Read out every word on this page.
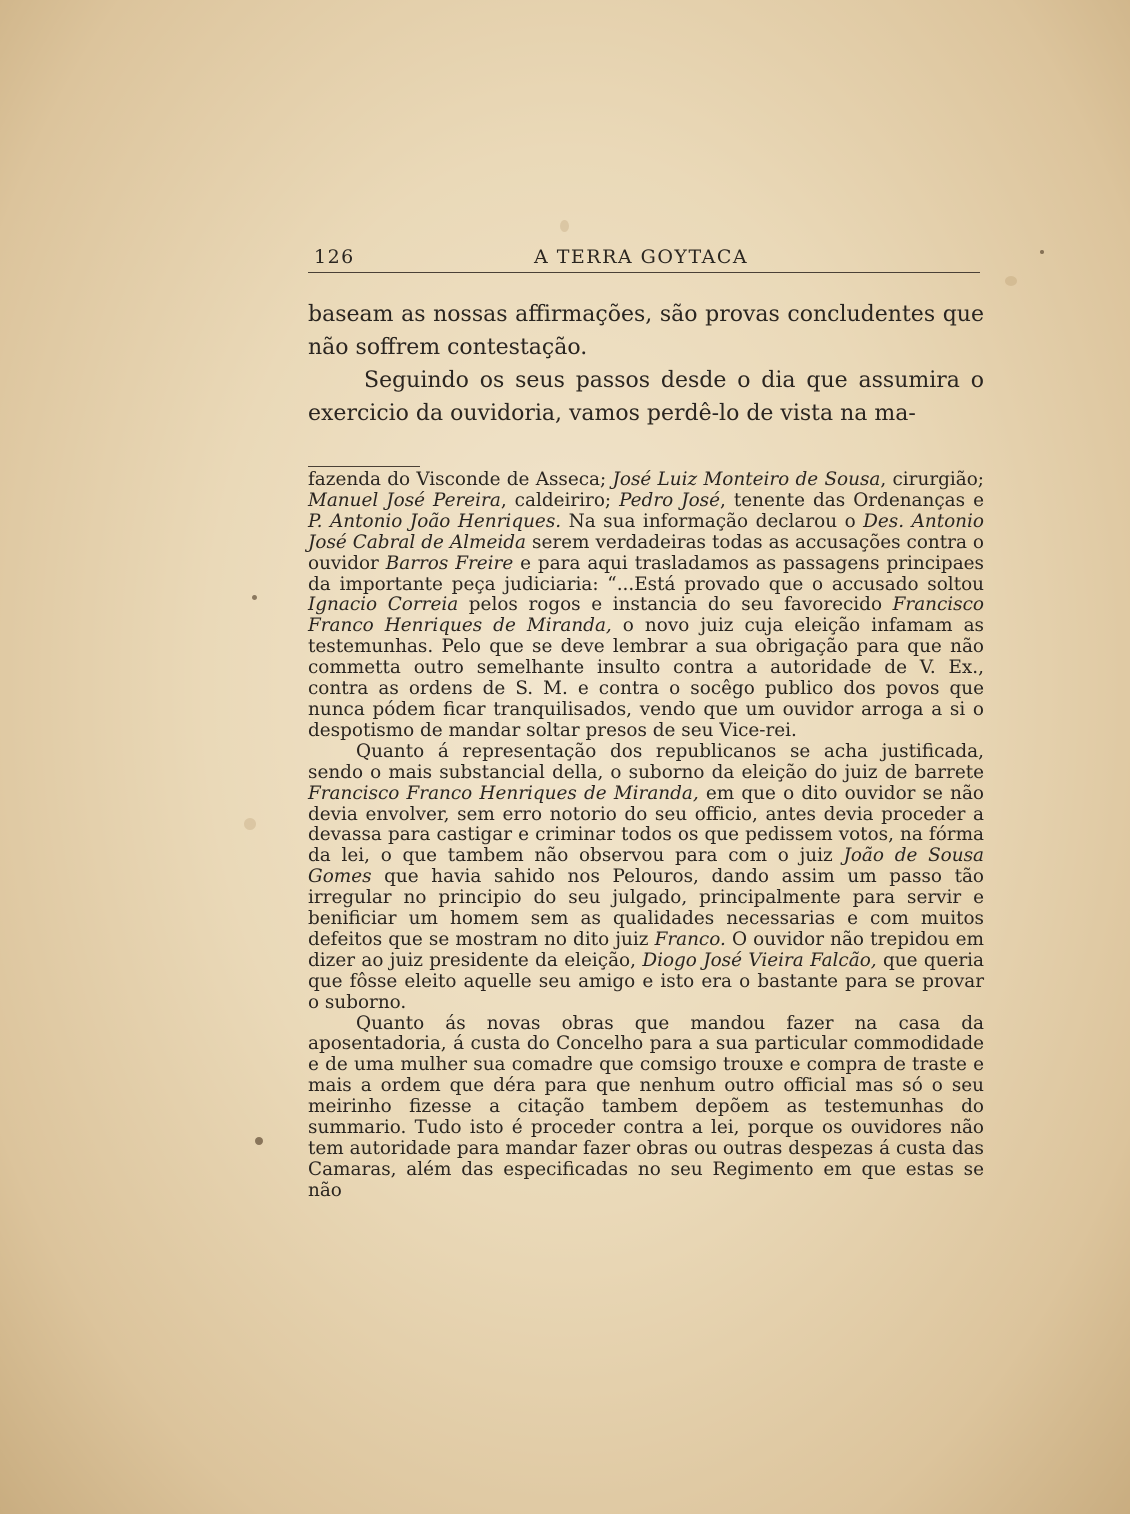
126	A TERRA GOYTACA

baseam as nossas affirmações, são provas concludentes que não soffrem contestação.

Seguindo os seus passos desde o dia que assumira o exercicio da ouvidoria, vamos perdê-lo de vista na ma-

fazenda do Visconde de Asseca; José Luiz Monteiro de Sousa, cirurgião; Manuel José Pereira, caldeiriro; Pedro José, tenente das Ordenanças e P. Antonio João Henriques. Na sua informação declarou o Des. Antonio José Cabral de Almeida serem verdadeiras todas as accusações contra o ouvidor Barros Freire e para aqui trasladamos as passagens principaes da importante peça judiciaria: “...Está provado que o accusado soltou Ignacio Correia pelos rogos e instancia do seu favorecido Francisco Franco Henriques de Miranda, o novo juiz cuja eleição infamam as testemunhas. Pelo que se deve lembrar a sua obrigação para que não commetta outro semelhante insulto contra a autoridade de V. Ex., contra as ordens de S. M. e contra o socêgo publico dos povos que nunca pódem ficar tranquilisados, vendo que um ouvidor arroga a si o despotismo de mandar soltar presos de seu Vice-rei.

Quanto á representação dos republicanos se acha justificada, sendo o mais substancial della, o suborno da eleição do juiz de barrete Francisco Franco Henriques de Miranda, em que o dito ouvidor se não devia envolver, sem erro notorio do seu officio, antes devia proceder a devassa para castigar e criminar todos os que pedissem votos, na fórma da lei, o que tambem não observou para com o juiz João de Sousa Gomes que havia sahido nos Pelouros, dando assim um passo tão irregular no principio do seu julgado, principalmente para servir e benificiar um homem sem as qualidades necessarias e com muitos defeitos que se mostram no dito juiz Franco. O ouvidor não trepidou em dizer ao juiz presidente da eleição, Diogo José Vieira Falcão, que queria que fôsse eleito aquelle seu amigo e isto era o bastante para se provar o suborno.

Quanto ás novas obras que mandou fazer na casa da aposentadoria, á custa do Concelho para a sua particular commodidade e de uma mulher sua comadre que comsigo trouxe e compra de traste e mais a ordem que déra para que nenhum outro official mas só o seu meirinho fizesse a citação tambem depõem as testemunhas do summario. Tudo isto é proceder contra a lei, porque os ouvidores não tem autoridade para mandar fazer obras ou outras despezas á custa das Camaras, além das especificadas no seu Regimento em que estas se não
